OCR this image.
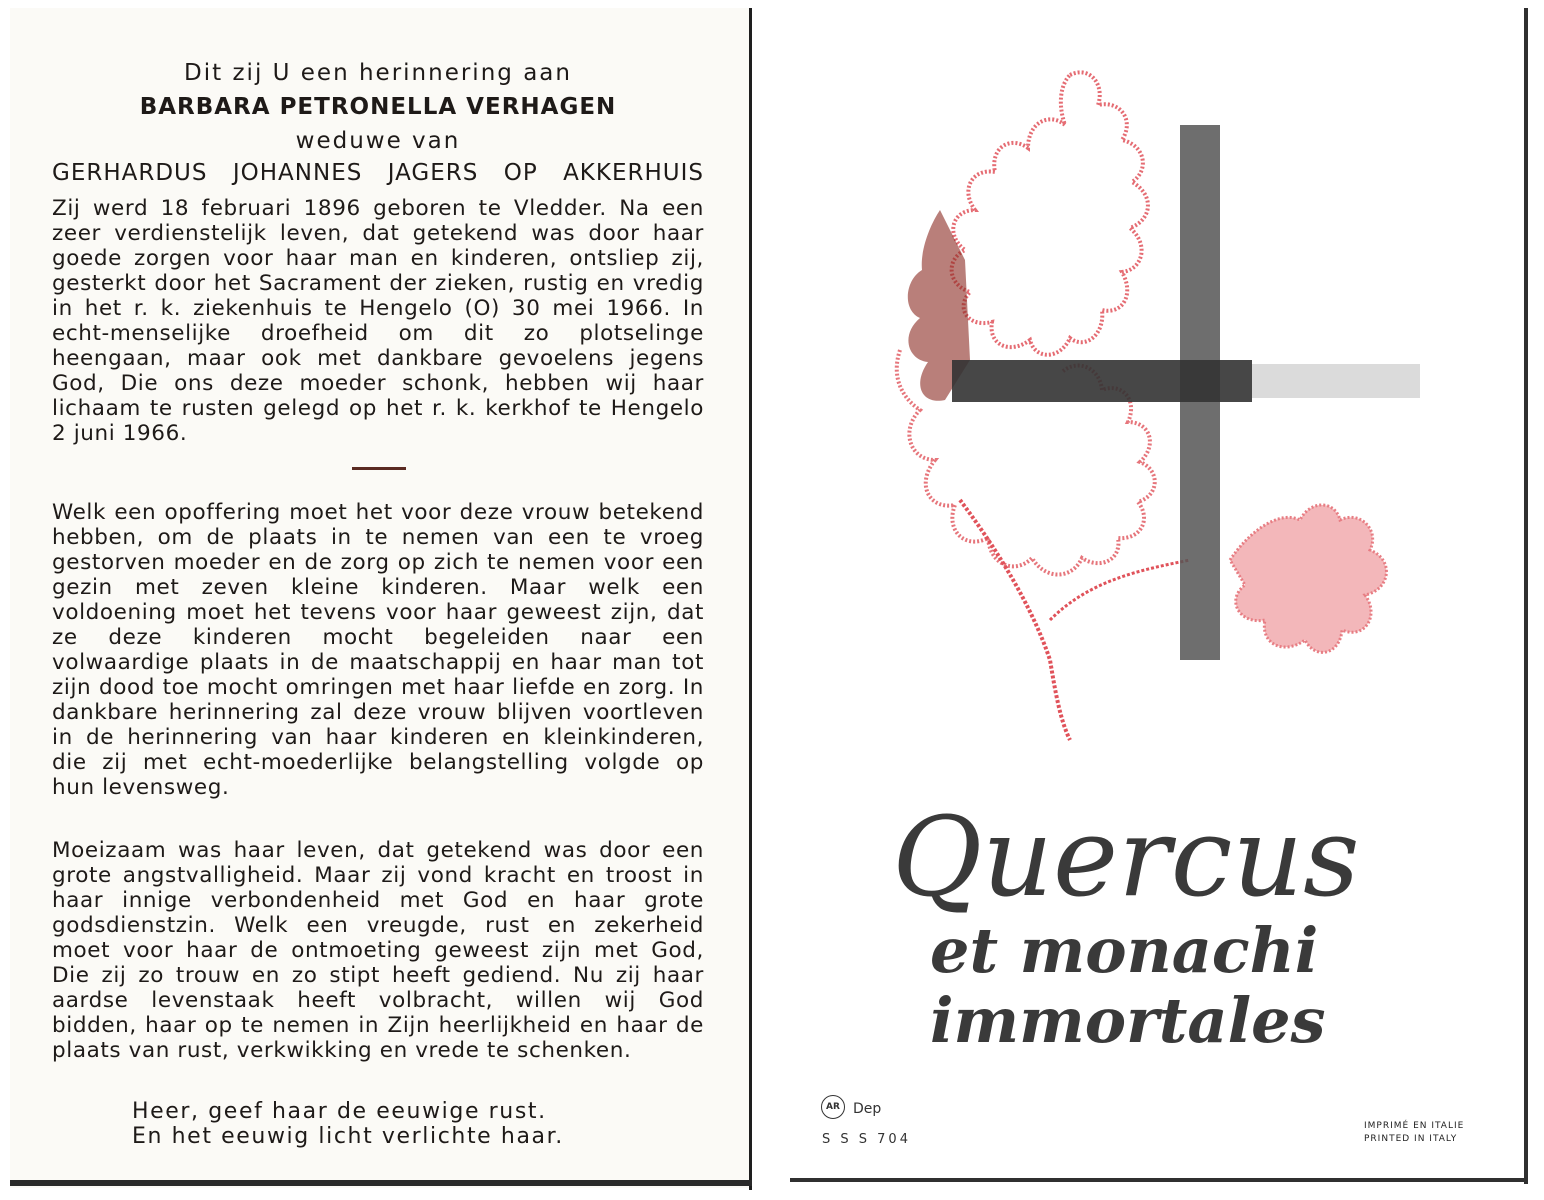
Dit zij U een herinnering aan
BARBARA PETRONELLA VERHAGEN
weduwe van
GERHARDUS JOHANNES JAGERS OP AKKERHUIS
Zij werd 18 februari 1896 geboren te Vledder. Na een zeer verdienstelijk leven, dat getekend was door haar goede zorgen voor haar man en kinderen, ontsliep zij, gesterkt door het Sacrament der zieken, rustig en vredig in het r. k. ziekenhuis te Hengelo (O) 30 mei 1966. In echt-menselijke droefheid om dit zo plotselinge heengaan, maar ook met dankbare gevoelens jegens God, Die ons deze moeder schonk, hebben wij haar lichaam te rusten gelegd op het r. k. kerkhof te Hengelo 2 juni 1966.
Welk een opoffering moet het voor deze vrouw betekend hebben, om de plaats in te nemen van een te vroeg gestorven moeder en de zorg op zich te nemen voor een gezin met zeven kleine kinderen. Maar welk een voldoening moet het tevens voor haar geweest zijn, dat ze deze kinderen mocht begeleiden naar een volwaardige plaats in de maatschappij en haar man tot zijn dood toe mocht omringen met haar liefde en zorg. In dankbare herinnering zal deze vrouw blijven voortleven in de herinnering van haar kinderen en kleinkinderen, die zij met echt-moederlijke belangstelling volgde op hun levensweg.
Moeizaam was haar leven, dat getekend was door een grote angstvalligheid. Maar zij vond kracht en troost in haar innige verbondenheid met God en haar grote godsdienstzin. Welk een vreugde, rust en zekerheid moet voor haar de ontmoeting geweest zijn met God, Die zij zo trouw en zo stipt heeft gediend. Nu zij haar aardse levenstaak heeft volbracht, willen wij God bidden, haar op te nemen in Zijn heerlijkheid en haar de plaats van rust, verkwikking en vrede te schenken.
Heer, geef haar de eeuwige rust.
En het eeuwig licht verlichte haar.
Quercus
et monachi
immortales
AR Dep
S S S 704
IMPRIMÉ EN ITALIE
PRINTED IN ITALY
